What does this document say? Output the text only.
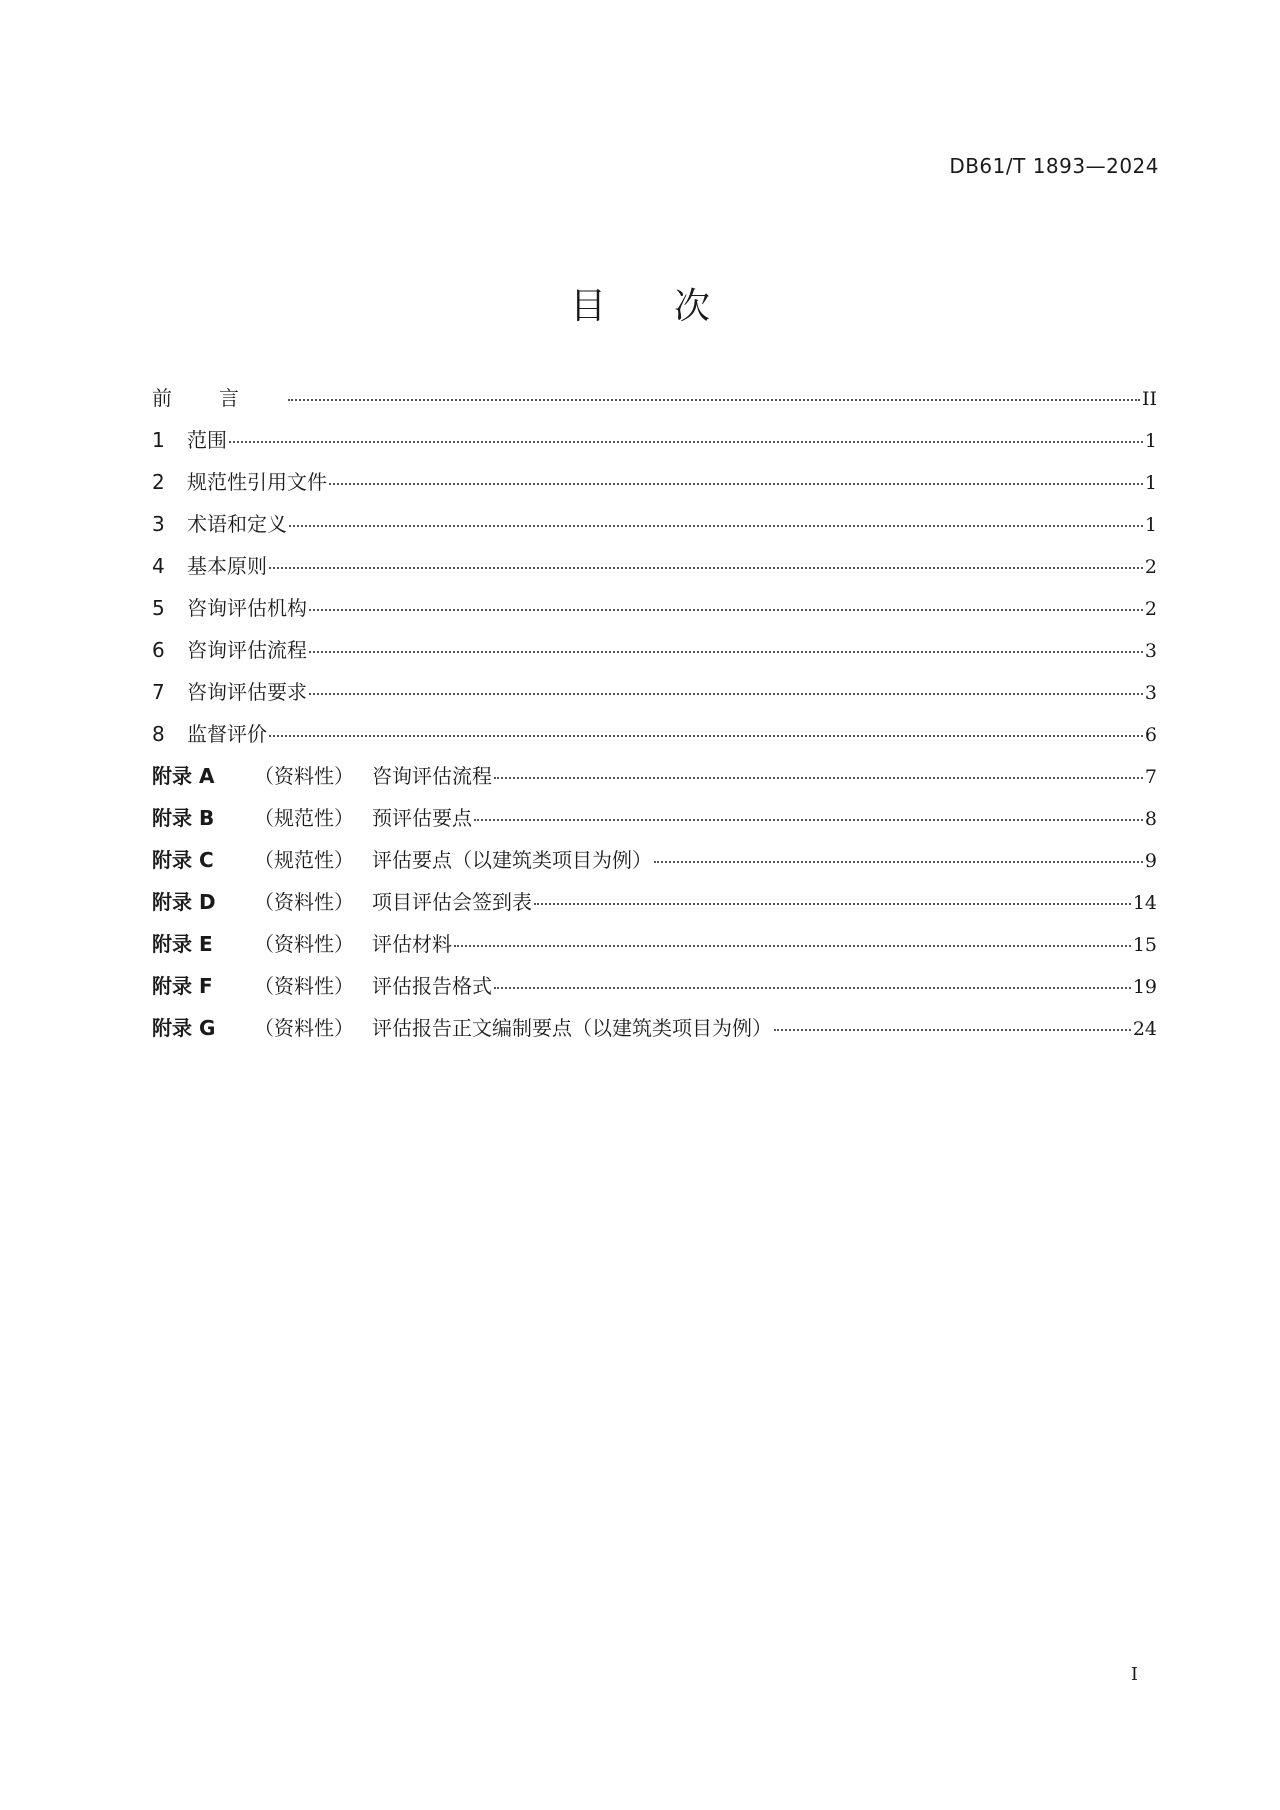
DB61/T 1893—2024
目次
前言	II
1	范围	1
2	规范性引用文件	1
3	术语和定义	1
4	基本原则	2
5	咨询评估机构	2
6	咨询评估流程	3
7	咨询评估要求	3
8	监督评价	6
附录 A	（资料性） 咨询评估流程	7
附录 B	（规范性） 预评估要点	8
附录 C	（规范性） 评估要点（以建筑类项目为例）	9
附录 D	（资料性） 项目评估会签到表	14
附录 E	（资料性） 评估材料	15
附录 F	（资料性） 评估报告格式	19
附录 G	（资料性） 评估报告正文编制要点（以建筑类项目为例）	24
I
